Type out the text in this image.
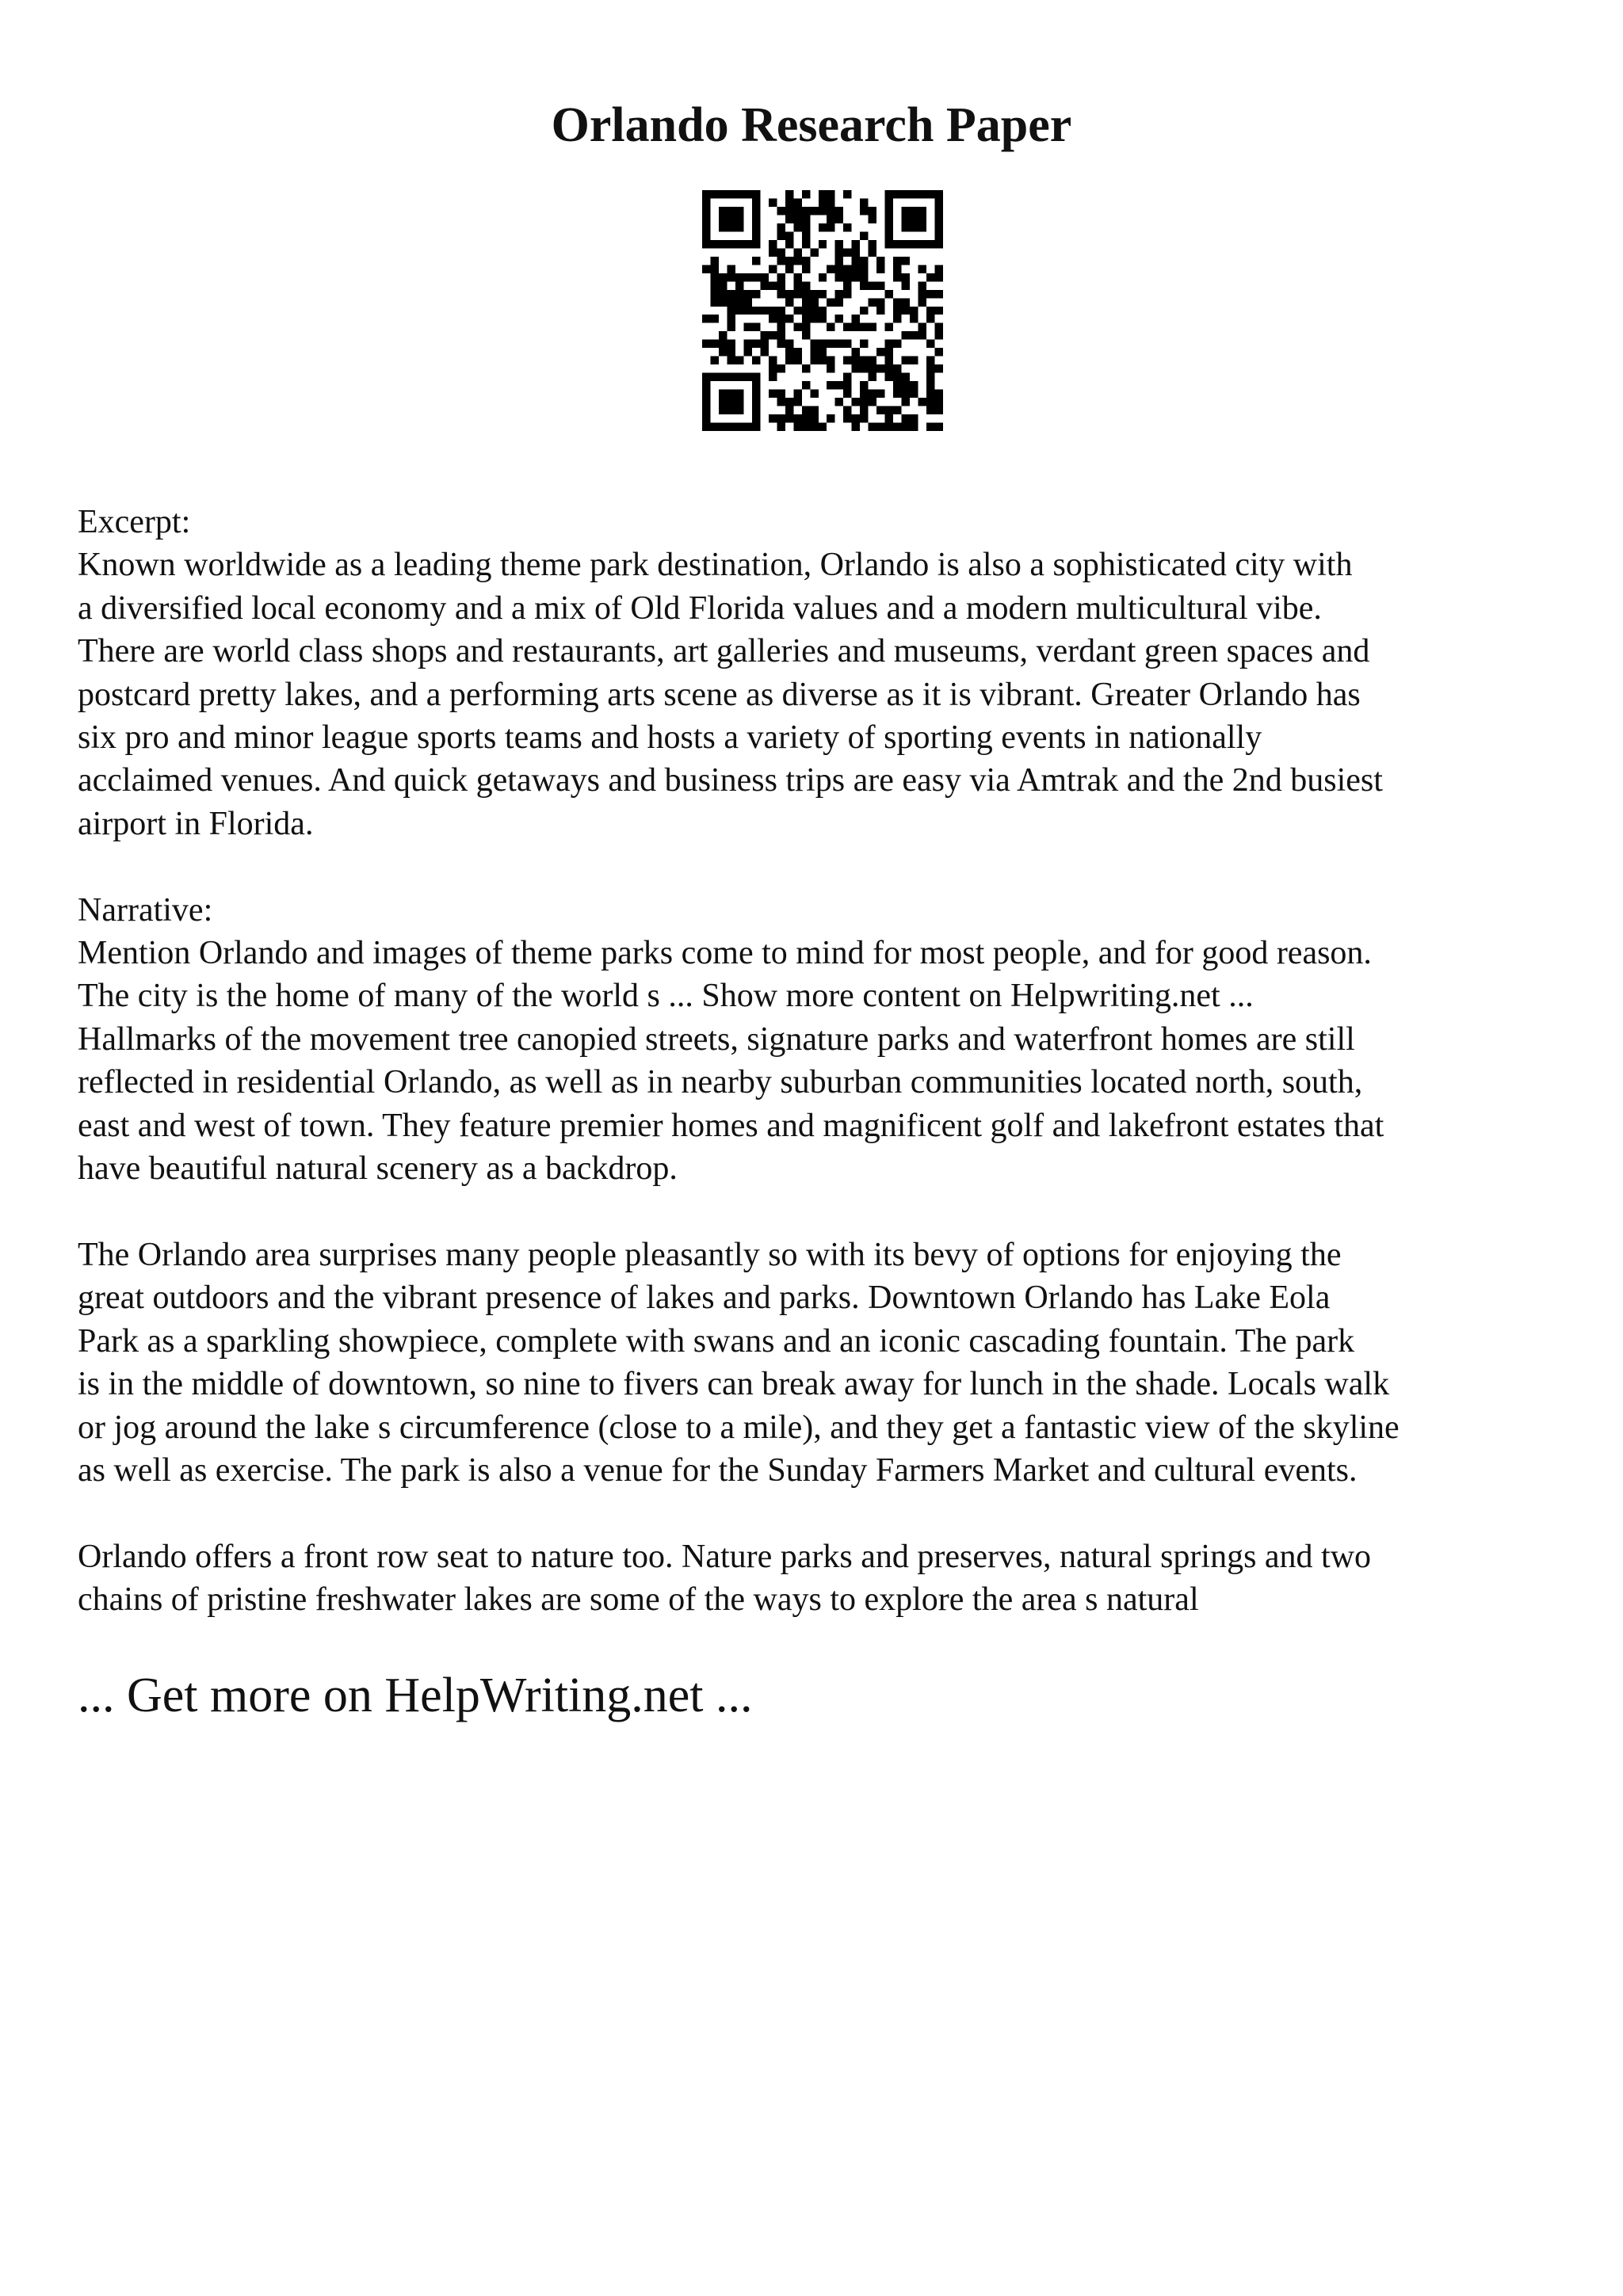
Orlando Research Paper
Excerpt:
Known worldwide as a leading theme park destination, Orlando is also a sophisticated city with
a diversified local economy and a mix of Old Florida values and a modern multicultural vibe.
There are world class shops and restaurants, art galleries and museums, verdant green spaces and
postcard pretty lakes, and a performing arts scene as diverse as it is vibrant. Greater Orlando has
six pro and minor league sports teams and hosts a variety of sporting events in nationally
acclaimed venues. And quick getaways and business trips are easy via Amtrak and the 2nd busiest
airport in Florida.
Narrative:
Mention Orlando and images of theme parks come to mind for most people, and for good reason.
The city is the home of many of the world s ... Show more content on Helpwriting.net ...
Hallmarks of the movement tree canopied streets, signature parks and waterfront homes are still
reflected in residential Orlando, as well as in nearby suburban communities located north, south,
east and west of town. They feature premier homes and magnificent golf and lakefront estates that
have beautiful natural scenery as a backdrop.
The Orlando area surprises many people pleasantly so with its bevy of options for enjoying the
great outdoors and the vibrant presence of lakes and parks. Downtown Orlando has Lake Eola
Park as a sparkling showpiece, complete with swans and an iconic cascading fountain. The park
is in the middle of downtown, so nine to fivers can break away for lunch in the shade. Locals walk
or jog around the lake s circumference (close to a mile), and they get a fantastic view of the skyline
as well as exercise. The park is also a venue for the Sunday Farmers Market and cultural events.
Orlando offers a front row seat to nature too. Nature parks and preserves, natural springs and two
chains of pristine freshwater lakes are some of the ways to explore the area s natural
... Get more on HelpWriting.net ...
